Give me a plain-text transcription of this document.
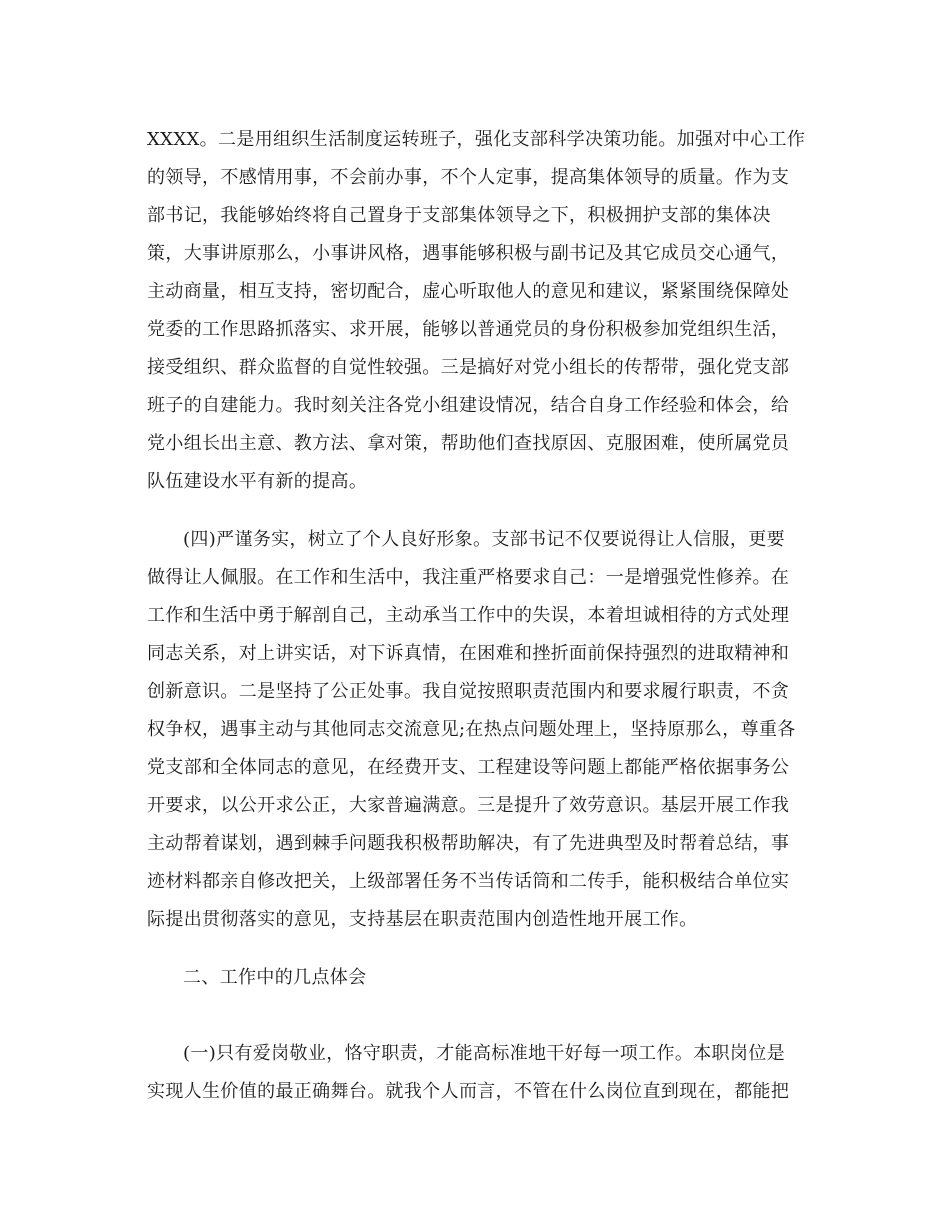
XXXX。二是用组织生活制度运转班子，强化支部科学决策功能。加强对中心工作
的领导，不感情用事，不会前办事，不个人定事，提高集体领导的质量。作为支
部书记，我能够始终将自己置身于支部集体领导之下，积极拥护支部的集体决
策，大事讲原那么，小事讲风格，遇事能够积极与副书记及其它成员交心通气，
主动商量，相互支持，密切配合，虚心听取他人的意见和建议，紧紧围绕保障处
党委的工作思路抓落实、求开展，能够以普通党员的身份积极参加党组织生活，
接受组织、群众监督的自觉性较强。三是搞好对党小组长的传帮带，强化党支部
班子的自建能力。我时刻关注各党小组建设情况，结合自身工作经验和体会，给
党小组长出主意、教方法、拿对策，帮助他们查找原因、克服困难，使所属党员
队伍建设水平有新的提高。
(四)严谨务实，树立了个人良好形象。支部书记不仅要说得让人信服，更要
做得让人佩服。在工作和生活中，我注重严格要求自己：一是增强党性修养。在
工作和生活中勇于解剖自己，主动承当工作中的失误，本着坦诚相待的方式处理
同志关系，对上讲实话，对下诉真情，在困难和挫折面前保持强烈的进取精神和
创新意识。二是坚持了公正处事。我自觉按照职责范围内和要求履行职责，不贪
权争权，遇事主动与其他同志交流意见;在热点问题处理上，坚持原那么，尊重各
党支部和全体同志的意见，在经费开支、工程建设等问题上都能严格依据事务公
开要求，以公开求公正，大家普遍满意。三是提升了效劳意识。基层开展工作我
主动帮着谋划，遇到棘手问题我积极帮助解决，有了先进典型及时帮着总结，事
迹材料都亲自修改把关，上级部署任务不当传话筒和二传手，能积极结合单位实
际提出贯彻落实的意见，支持基层在职责范围内创造性地开展工作。
二、工作中的几点体会
(一)只有爱岗敬业，恪守职责，才能高标准地干好每一项工作。本职岗位是
实现人生价值的最正确舞台。就我个人而言，不管在什么岗位直到现在，都能把
